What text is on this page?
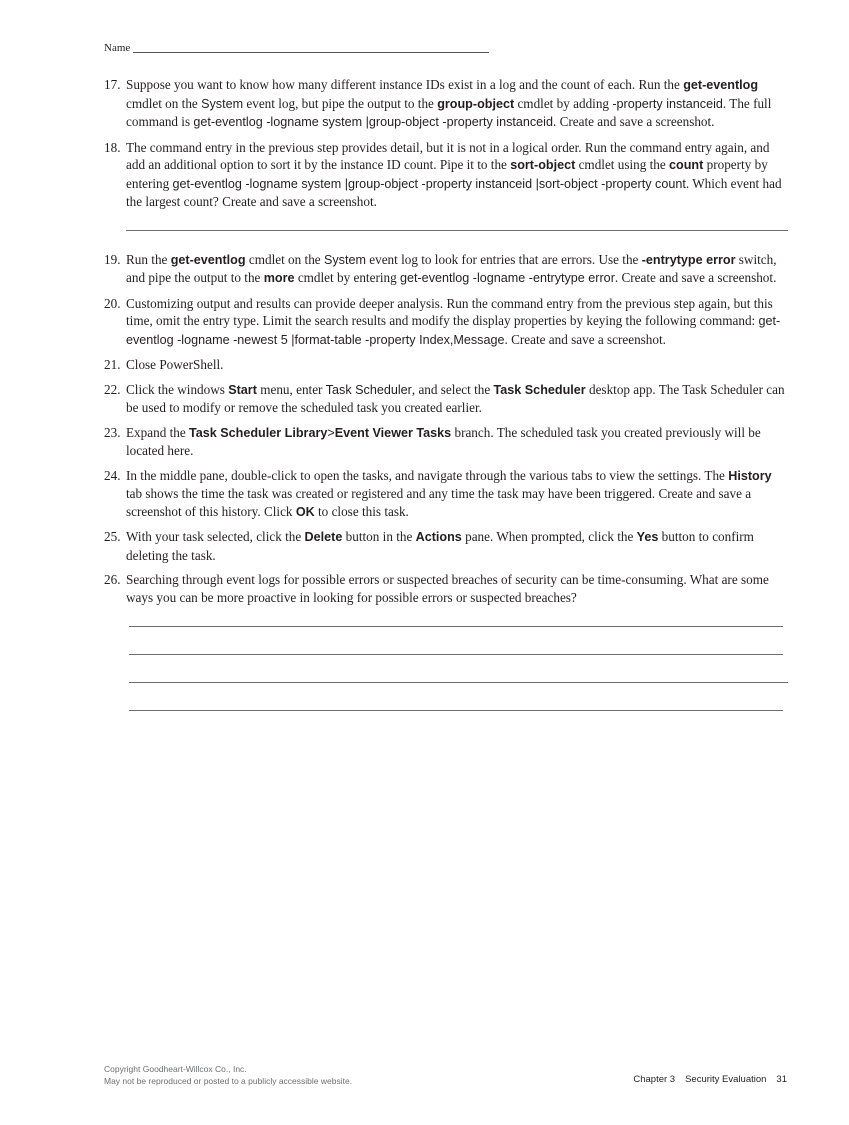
Name
17. Suppose you want to know how many different instance IDs exist in a log and the count of each. Run the get-eventlog cmdlet on the System event log, but pipe the output to the group-object cmdlet by adding -property instanceid. The full command is get-eventlog -logname system |group-object -property instanceid. Create and save a screenshot.
18. The command entry in the previous step provides detail, but it is not in a logical order. Run the command entry again, and add an additional option to sort it by the instance ID count. Pipe it to the sort-object cmdlet using the count property by entering get-eventlog -logname system |group-object -property instanceid |sort-object -property count. Which event had the largest count? Create and save a screenshot.
19. Run the get-eventlog cmdlet on the System event log to look for entries that are errors. Use the -entrytype error switch, and pipe the output to the more cmdlet by entering get-eventlog -logname -entrytype error. Create and save a screenshot.
20. Customizing output and results can provide deeper analysis. Run the command entry from the previous step again, but this time, omit the entry type. Limit the search results and modify the display properties by keying the following command: get-eventlog -logname -newest 5 |format-table -property Index,Message. Create and save a screenshot.
21. Close PowerShell.
22. Click the windows Start menu, enter Task Scheduler, and select the Task Scheduler desktop app. The Task Scheduler can be used to modify or remove the scheduled task you created earlier.
23. Expand the Task Scheduler Library>Event Viewer Tasks branch. The scheduled task you created previously will be located here.
24. In the middle pane, double-click to open the tasks, and navigate through the various tabs to view the settings. The History tab shows the time the task was created or registered and any time the task may have been triggered. Create and save a screenshot of this history. Click OK to close this task.
25. With your task selected, click the Delete button in the Actions pane. When prompted, click the Yes button to confirm deleting the task.
26. Searching through event logs for possible errors or suspected breaches of security can be time-consuming. What are some ways you can be more proactive in looking for possible errors or suspected breaches?
Copyright Goodheart-Willcox Co., Inc.
May not be reproduced or posted to a publicly accessible website.	Chapter 3 Security Evaluation 31
